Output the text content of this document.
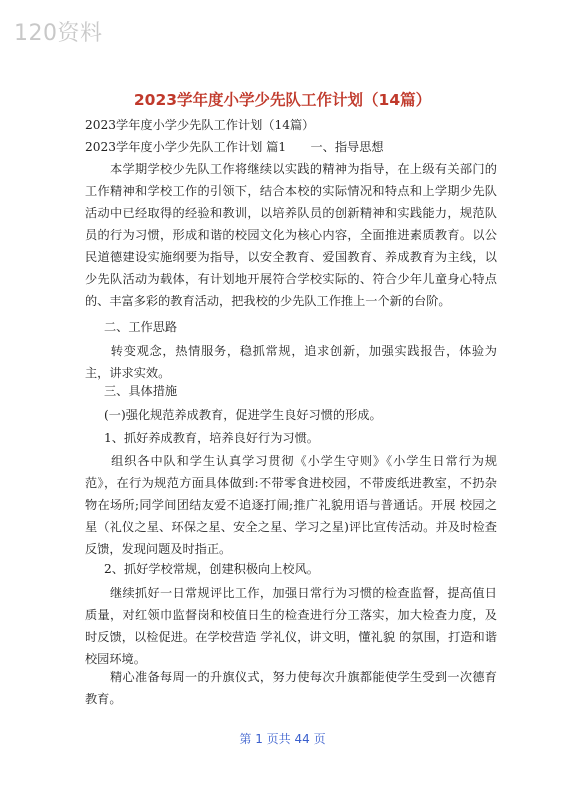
120资料
2023学年度小学少先队工作计划（14篇）
2023学年度小学少先队工作计划（14篇）
2023学年度小学少先队工作计划 篇1　　一、指导思想
　　本学期学校少先队工作将继续以实践的精神为指导，在上级有关部门的工作精神和学校工作的引领下，结合本校的实际情况和特点和上学期少先队活动中已经取得的经验和教训，以培养队员的创新精神和实践能力，规范队员的行为习惯，形成和谐的校园文化为核心内容，全面推进素质教育。以公民道德建设实施纲要为指导，以安全教育、爱国教育、养成教育为主线，以少先队活动为载体，有计划地开展符合学校实际的、符合少年儿童身心特点的、丰富多彩的教育活动，把我校的少先队工作推上一个新的台阶。
二、工作思路
　　转变观念，热情服务，稳抓常规，追求创新，加强实践报告，体验为主，讲求实效。
三、具体措施
(一)强化规范养成教育，促进学生良好习惯的形成。
1、抓好养成教育，培养良好行为习惯。
　　组织各中队和学生认真学习贯彻《小学生守则》《小学生日常行为规范》，在行为规范方面具体做到:不带零食进校园，不带废纸进教室，不扔杂物在场所;同学间团结友爱不追逐打闹;推广礼貌用语与普通话。开展 校园之星（礼仪之星、环保之星、安全之星、学习之星)评比宣传活动。并及时检查反馈，发现问题及时指正。
2、抓好学校常规，创建积极向上校风。
　　继续抓好一日常规评比工作，加强日常行为习惯的检查监督，提高值日质量，对红领巾监督岗和校值日生的检查进行分工落实，加大检查力度，及时反馈，以检促进。在学校营造 学礼仪，讲文明，懂礼貌 的氛围，打造和谐校园环境。
　　精心准备每周一的升旗仪式，努力使每次升旗都能使学生受到一次德育教育。
第 1 页共 44 页
